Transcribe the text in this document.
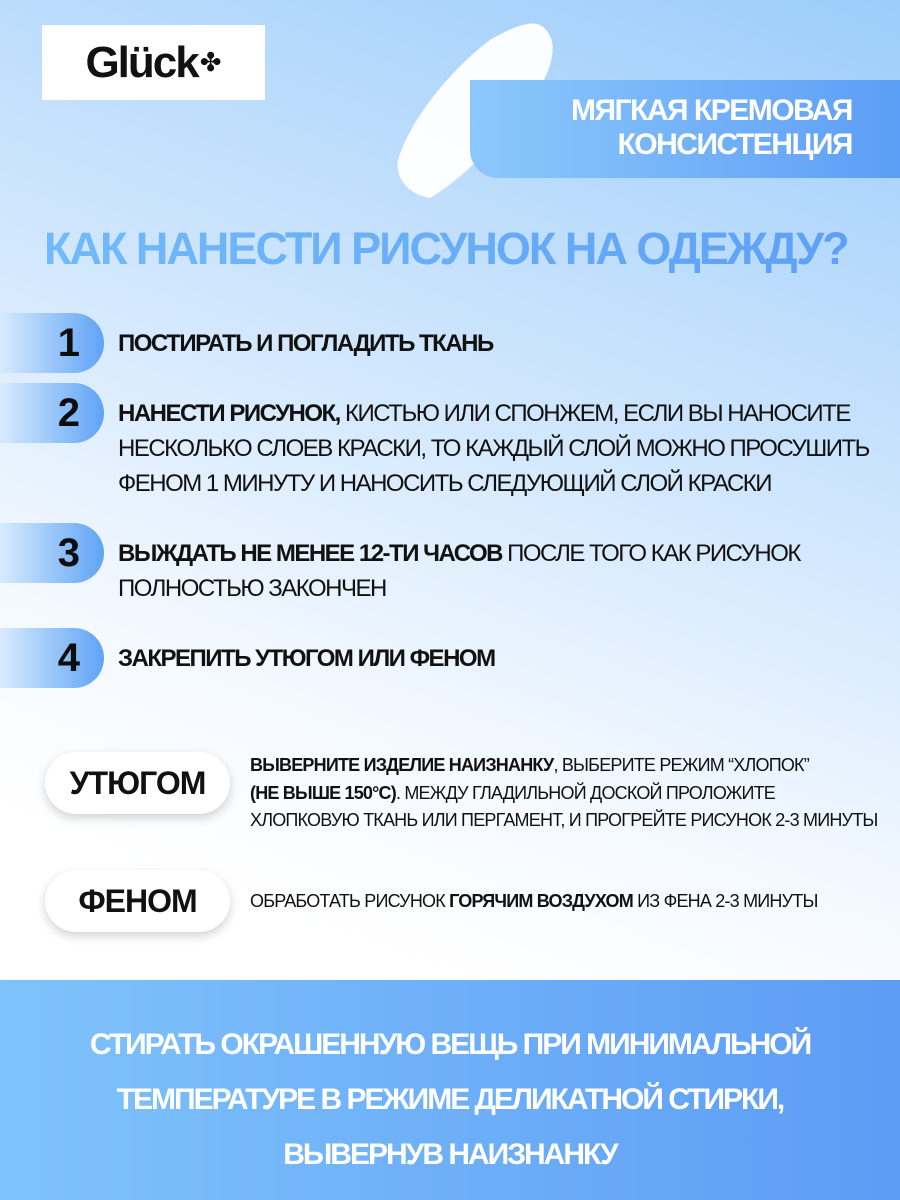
Glück ✤
МЯГКАЯ КРЕМОВАЯ
КОНСИСТЕНЦИЯ
КАК НАНЕСТИ РИСУНОК НА ОДЕЖДУ?
1 ПОСТИРАТЬ И ПОГЛАДИТЬ ТКАНЬ
2 НАНЕСТИ РИСУНОК, КИСТЬЮ ИЛИ СПОНЖЕМ, ЕСЛИ ВЫ НАНОСИТЕ
НЕСКОЛЬКО СЛОЕВ КРАСКИ, ТО КАЖДЫЙ СЛОЙ МОЖНО ПРОСУШИТЬ
ФЕНОМ 1 МИНУТУ И НАНОСИТЬ СЛЕДУЮЩИЙ СЛОЙ КРАСКИ
3 ВЫЖДАТЬ НЕ МЕНЕЕ 12-ТИ ЧАСОВ ПОСЛЕ ТОГО КАК РИСУНОК
ПОЛНОСТЬЮ ЗАКОНЧЕН
4 ЗАКРЕПИТЬ УТЮГОМ ИЛИ ФЕНОМ
УТЮГОМ ВЫВЕРНИТЕ ИЗДЕЛИЕ НАИЗНАНКУ, ВЫБЕРИТЕ РЕЖИМ “ХЛОПОК”
(НЕ ВЫШЕ 150°С). МЕЖДУ ГЛАДИЛЬНОЙ ДОСКОЙ ПРОЛОЖИТЕ
ХЛОПКОВУЮ ТКАНЬ ИЛИ ПЕРГАМЕНТ, И ПРОГРЕЙТЕ РИСУНОК 2-3 МИНУТЫ
ФЕНОМ	ОБРАБОТАТЬ РИСУНОК ГОРЯЧИМ ВОЗДУХОМ ИЗ ФЕНА 2-3 МИНУТЫ
СТИРАТЬ ОКРАШЕННУЮ ВЕЩЬ ПРИ МИНИМАЛЬНОЙ
ТЕМПЕРАТУРЕ В РЕЖИМЕ ДЕЛИКАТНОЙ СТИРКИ,
ВЫВЕРНУВ НАИЗНАНКУ
